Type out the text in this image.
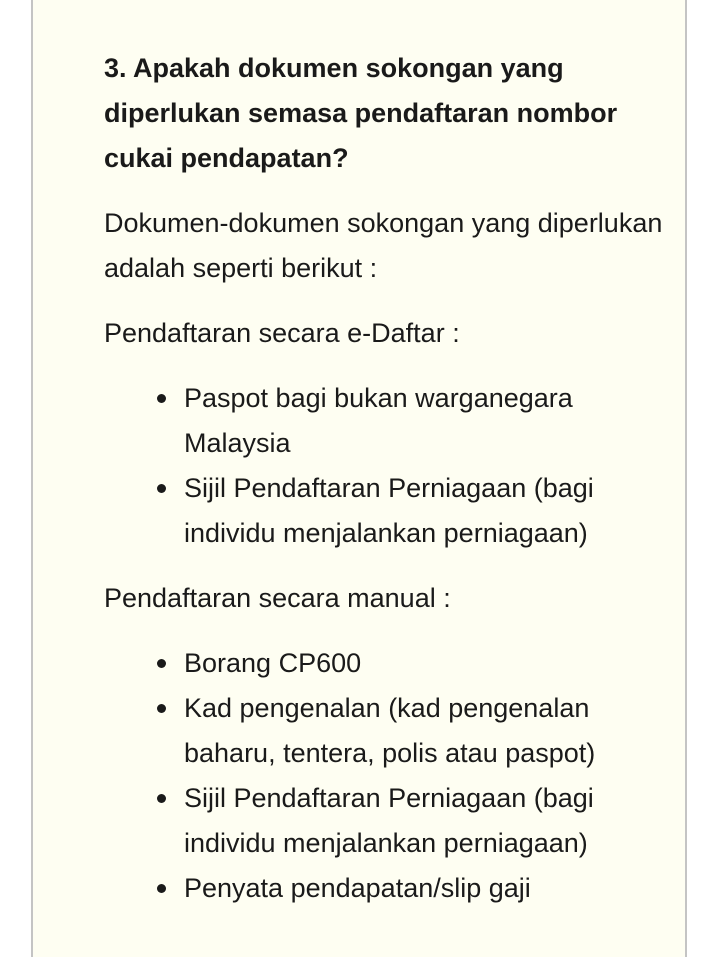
3. Apakah dokumen sokongan yang diperlukan semasa pendaftaran nombor cukai pendapatan?

Dokumen-dokumen sokongan yang diperlukan adalah seperti berikut :

Pendaftaran secara e-Daftar :

Paspot bagi bukan warganegara Malaysia
Sijil Pendaftaran Perniagaan (bagi individu menjalankan perniagaan)

Pendaftaran secara manual :

Borang CP600
Kad pengenalan (kad pengenalan baharu, tentera, polis atau paspot)
Sijil Pendaftaran Perniagaan (bagi individu menjalankan perniagaan)
Penyata pendapatan/slip gaji
